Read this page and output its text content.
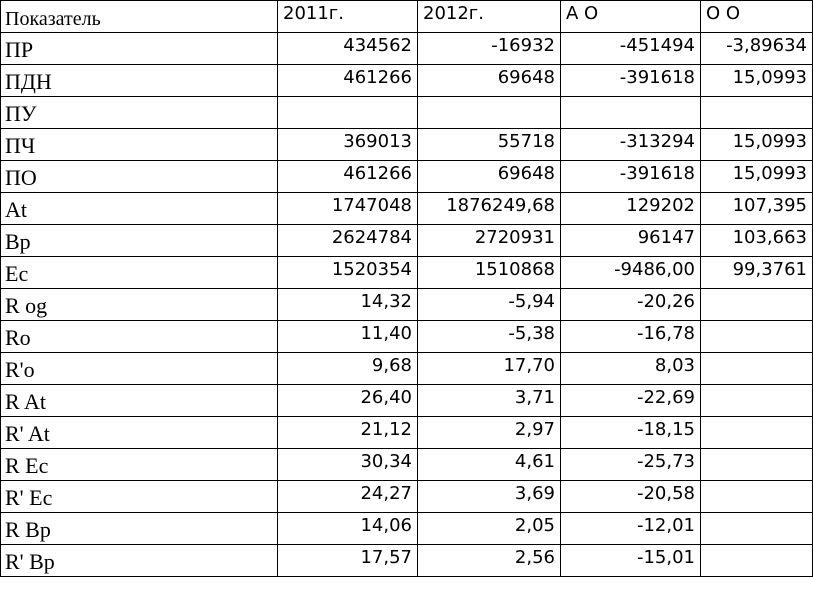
Показатель	2011г.	2012г.	А О	О О
ПР	434562	-16932	-451494	-3,89634
ПДН	461266	69648	-391618	15,0993
ПУ				
ПЧ	369013	55718	-313294	15,0993
ПО	461266	69648	-391618	15,0993
At	1747048	1876249,68	129202	107,395
Bp	2624784	2720931	96147	103,663
Ec	1520354	1510868	-9486,00	99,3761
R og	14,32	-5,94	-20,26	
Ro	11,40	-5,38	-16,78	
R'o	9,68	17,70	8,03	
R At	26,40	3,71	-22,69	
R' At	21,12	2,97	-18,15	
R Ec	30,34	4,61	-25,73	
R' Ec	24,27	3,69	-20,58	
R Bp	14,06	2,05	-12,01	
R' Bp	17,57	2,56	-15,01	
